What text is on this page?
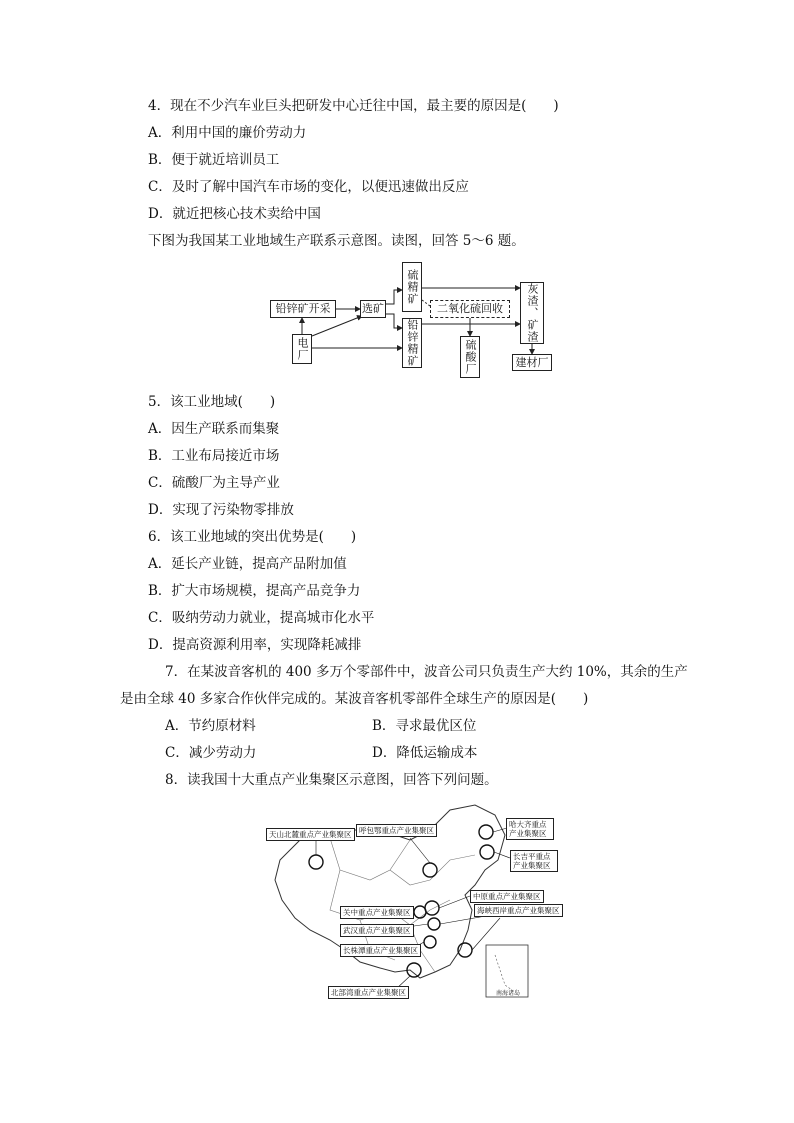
4．现在不少汽车业巨头把研发中心迁往中国，最主要的原因是(　　)
A．利用中国的廉价劳动力
B．便于就近培训员工
C．及时了解中国汽车市场的变化，以便迅速做出反应
D．就近把核心技术卖给中国
下图为我国某工业地域生产联系示意图。读图，回答 5～6 题。
铅锌矿开采	选矿
硫精矿
铅锌精矿
二氧化硫回收	灰渣、矿渣
电厂	硫酸厂	建材厂
5．该工业地域(　　)
A．因生产联系而集聚
B．工业布局接近市场
C．硫酸厂为主导产业
D．实现了污染物零排放
6．该工业地域的突出优势是(　　)
A．延长产业链，提高产品附加值
B．扩大市场规模，提高产品竞争力
C．吸纳劳动力就业，提高城市化水平
D．提高资源利用率，实现降耗减排
7．在某波音客机的 400 多万个零部件中，波音公司只负责生产大约 10%，其余的生产
是由全球 40 多家合作伙伴完成的。某波音客机零部件全球生产的原因是(　　)
A．节约原材料	B．寻求最优区位
C．减少劳动力	D．降低运输成本
8．读我国十大重点产业集聚区示意图，回答下列问题。
天山北麓重点产业集聚区	呼包鄂重点产业集聚区
哈大齐重点产业集聚区
长吉平重点产业集聚区
中原重点产业集聚区
关中重点产业集聚区	海峡西岸重点产业集聚区
武汉重点产业集聚区
长株潭重点产业集聚区
北部湾重点产业集聚区	南海诸岛
